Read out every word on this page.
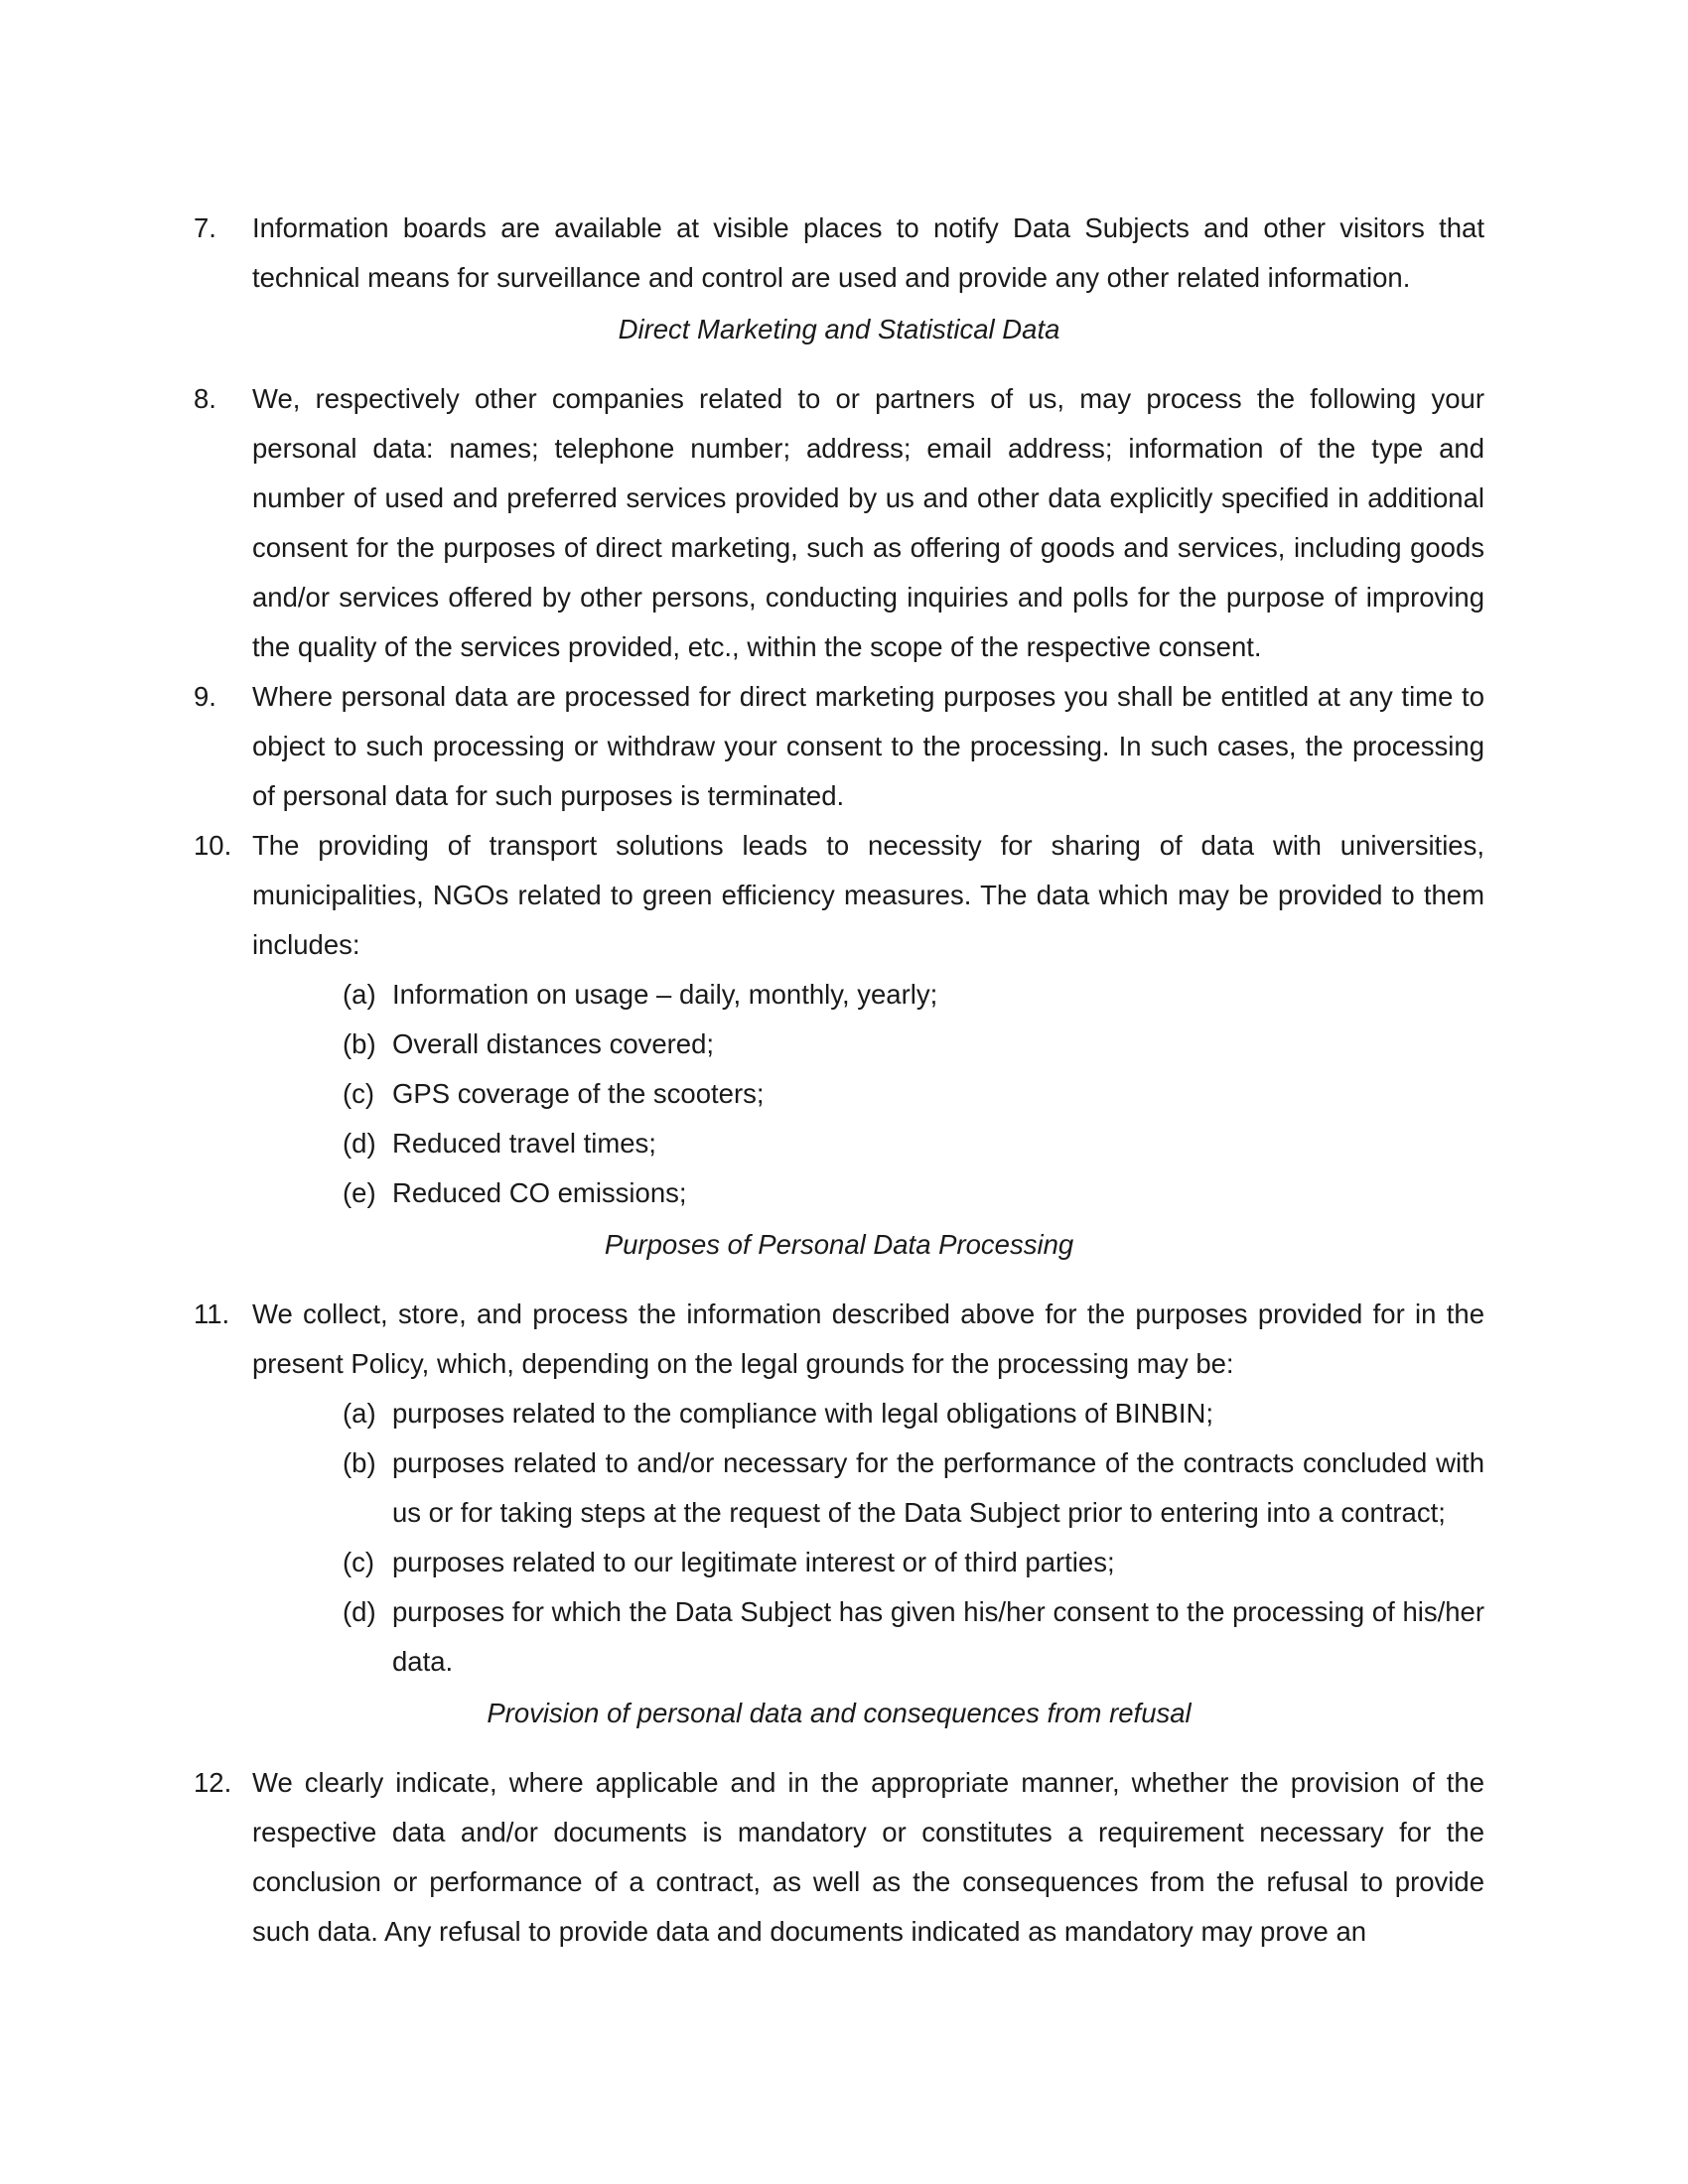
7. Information boards are available at visible places to notify Data Subjects and other visitors that technical means for surveillance and control are used and provide any other related information.
Direct Marketing and Statistical Data
8. We, respectively other companies related to or partners of us, may process the following your personal data: names; telephone number; address; email address; information of the type and number of used and preferred services provided by us and other data explicitly specified in additional consent for the purposes of direct marketing, such as offering of goods and services, including goods and/or services offered by other persons, conducting inquiries and polls for the purpose of improving the quality of the services provided, etc., within the scope of the respective consent.
9. Where personal data are processed for direct marketing purposes you shall be entitled at any time to object to such processing or withdraw your consent to the processing. In such cases, the processing of personal data for such purposes is terminated.
10. The providing of transport solutions leads to necessity for sharing of data with universities, municipalities, NGOs related to green efficiency measures. The data which may be provided to them includes:
(a) Information on usage – daily, monthly, yearly;
(b) Overall distances covered;
(c) GPS coverage of the scooters;
(d) Reduced travel times;
(e) Reduced CO emissions;
Purposes of Personal Data Processing
11. We collect, store, and process the information described above for the purposes provided for in the present Policy, which, depending on the legal grounds for the processing may be:
(a) purposes related to the compliance with legal obligations of BINBIN;
(b) purposes related to and/or necessary for the performance of the contracts concluded with us or for taking steps at the request of the Data Subject prior to entering into a contract;
(c) purposes related to our legitimate interest or of third parties;
(d) purposes for which the Data Subject has given his/her consent to the processing of his/her data.
Provision of personal data and consequences from refusal
12. We clearly indicate, where applicable and in the appropriate manner, whether the provision of the respective data and/or documents is mandatory or constitutes a requirement necessary for the conclusion or performance of a contract, as well as the consequences from the refusal to provide such data. Any refusal to provide data and documents indicated as mandatory may prove an
